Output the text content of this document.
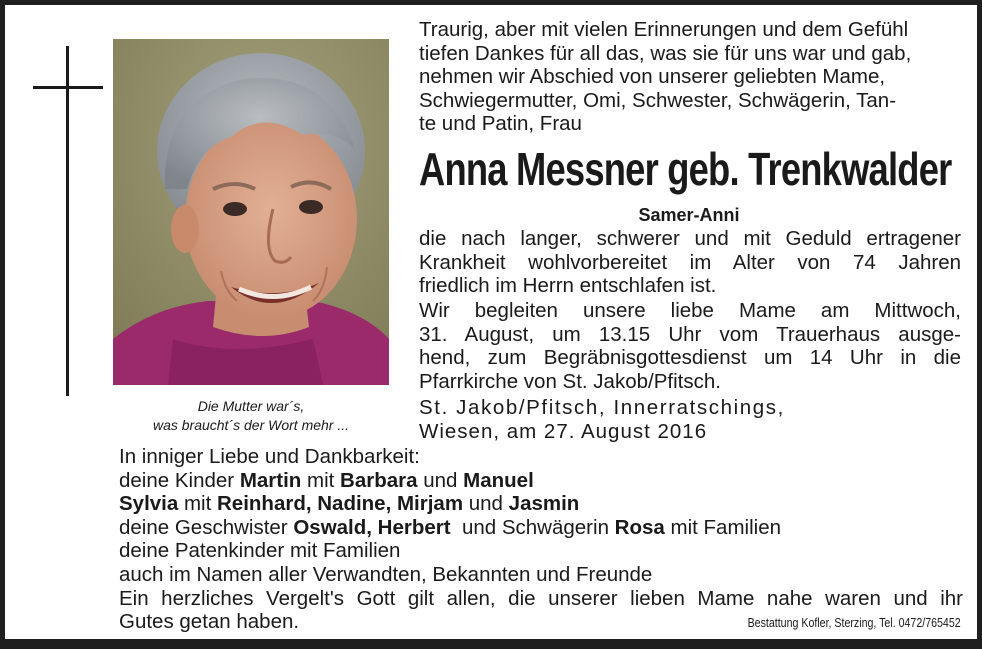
Die Mutter war´s,
was braucht´s der Wort mehr ...
Traurig, aber mit vielen Erinnerungen und dem Gefühl
tiefen Dankes für all das, was sie für uns war und gab,
nehmen wir Abschied von unserer geliebten Mame,
Schwiegermutter, Omi, Schwester, Schwägerin, Tan-
te und Patin, Frau
Anna Messner geb. Trenkwalder
Samer-Anni
die nach langer, schwerer und mit Geduld ertragener
Krankheit wohlvorbereitet im Alter von 74 Jahren
friedlich im Herrn entschlafen ist.
Wir begleiten unsere liebe Mame am Mittwoch,
31. August, um 13.15 Uhr vom Trauerhaus ausge-
hend, zum Begräbnisgottesdienst um 14 Uhr in die
Pfarrkirche von St. Jakob/Pfitsch.
St. Jakob/Pfitsch, Innerratschings,
Wiesen, am 27. August 2016
In inniger Liebe und Dankbarkeit:
deine Kinder Martin mit Barbara und Manuel
Sylvia mit Reinhard, Nadine, Mirjam und Jasmin
deine Geschwister Oswald, Herbert  und Schwägerin Rosa mit Familien
deine Patenkinder mit Familien
auch im Namen aller Verwandten, Bekannten und Freunde
Ein herzliches Vergelt's Gott gilt allen, die unserer lieben Mame nahe waren und ihr
Gutes getan haben.	Bestattung Kofler, Sterzing, Tel. 0472/765452
